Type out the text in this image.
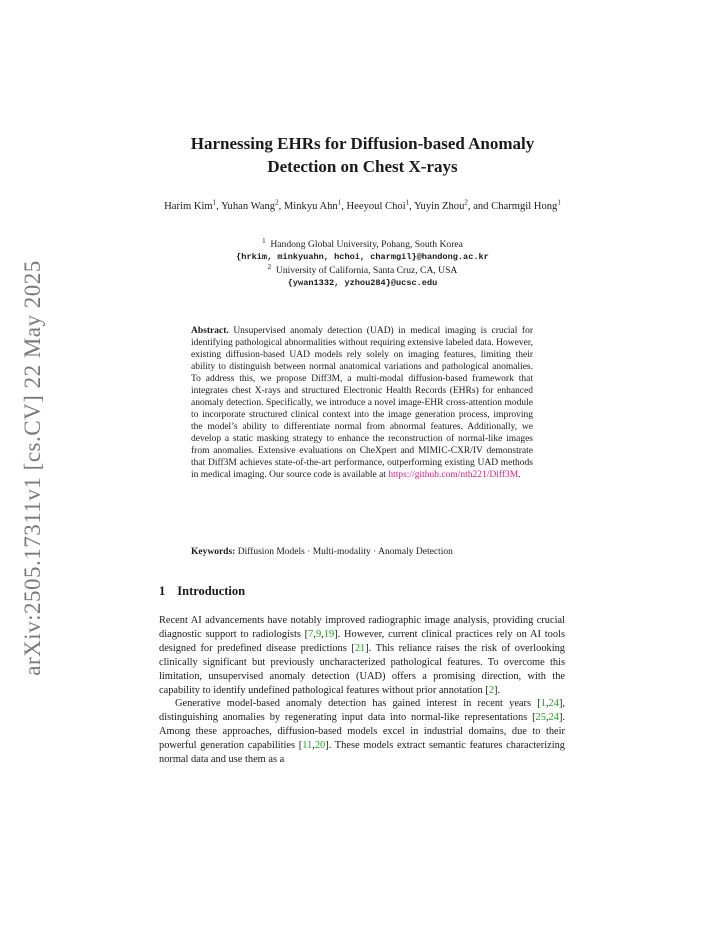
arXiv:2505.17311v1 [cs.CV] 22 May 2025
Harnessing EHRs for Diffusion-based Anomaly
Detection on Chest X-rays
Harim Kim$^1$, Yuhan Wang$^2$, Minkyu Ahn$^1$, Heeyoul Choi$^1$, Yuyin Zhou$^2$, and Charmgil Hong$^1$
$^1$ Handong Global University, Pohang, South Korea
{hrkim, minkyuahn, hchoi, charmgil}@handong.ac.kr
$^2$ University of California, Santa Cruz, CA, USA
{ywan1332, yzhou284}@ucsc.edu
Abstract. Unsupervised anomaly detection (UAD) in medical imaging is crucial for identifying pathological abnormalities without requiring extensive labeled data. However, existing diffusion-based UAD models rely solely on imaging features, limiting their ability to distinguish between normal anatomical variations and pathological anomalies. To address this, we propose Diff3M, a multi-modal diffusion-based framework that integrates chest X-rays and structured Electronic Health Records (EHRs) for enhanced anomaly detection. Specifically, we introduce a novel image-EHR cross-attention module to incorporate structured clinical context into the image generation process, improving the model’s ability to differentiate normal from abnormal features. Additionally, we develop a static masking strategy to enhance the reconstruction of normal-like images from anomalies. Extensive evaluations on CheXpert and MIMIC-CXR/IV demonstrate that Diff3M achieves state-of-the-art performance, outperforming existing UAD methods in medical imaging. Our source code is available at https://github.com/nth221/Diff3M.
Keywords: Diffusion Models · Multi-modality · Anomaly Detection
1 Introduction

Recent AI advancements have notably improved radiographic image analysis, providing crucial diagnostic support to radiologists [7,9,19]. However, current clinical practices rely on AI tools designed for predefined disease predictions [21]. This reliance raises the risk of overlooking clinically significant but previously uncharacterized pathological features. To overcome this limitation, unsupervised anomaly detection (UAD) offers a promising direction, with the capability to identify undefined pathological features without prior annotation [2].

Generative model-based anomaly detection has gained interest in recent years [1,24], distinguishing anomalies by regenerating input data into normal-like representations [25,24]. Among these approaches, diffusion-based models excel in industrial domains, due to their powerful generation capabilities [11,20]. These models extract semantic features characterizing normal data and use them as a
